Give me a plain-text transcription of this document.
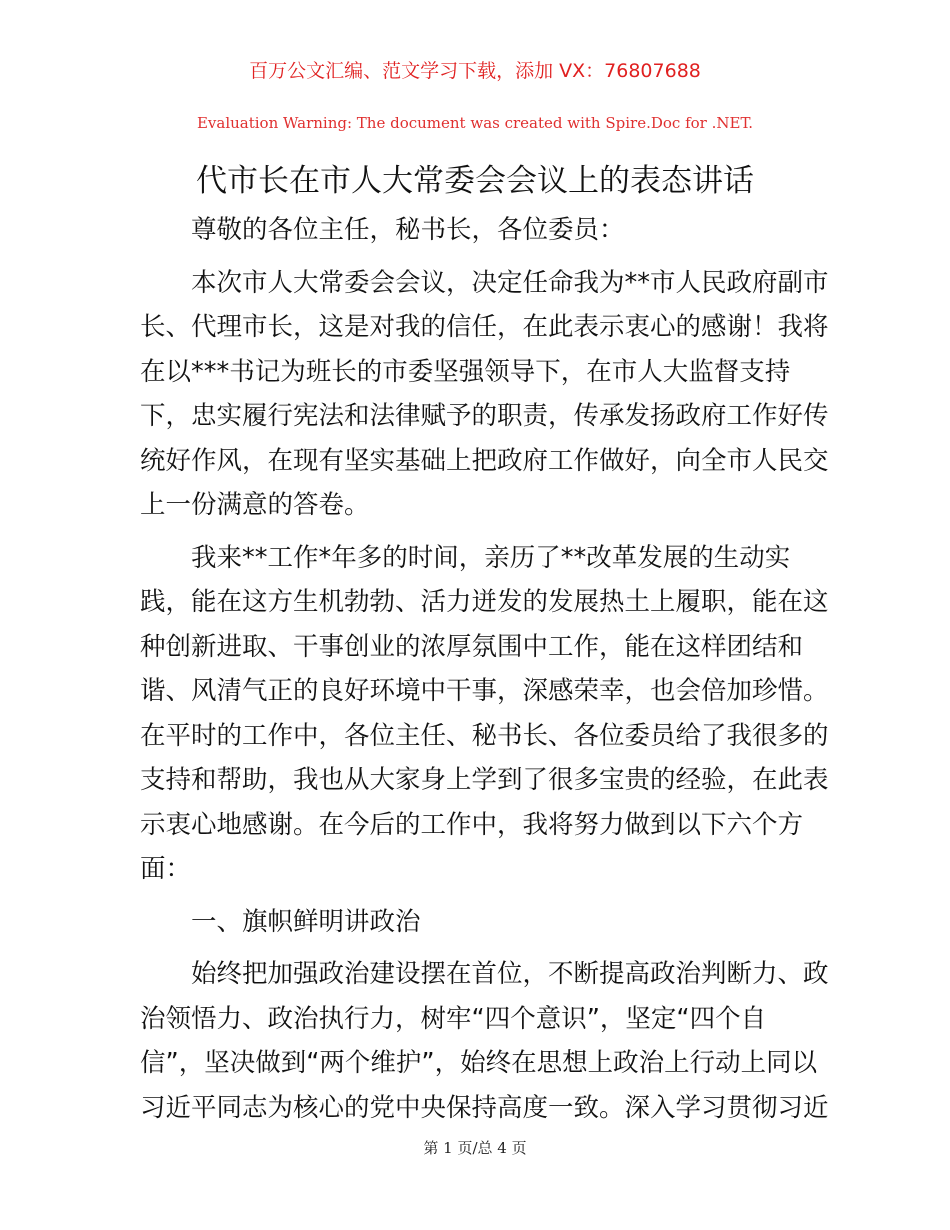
百万公文汇编、范文学习下载，添加 VX：76807688
Evaluation Warning: The document was created with Spire.Doc for .NET.
代市长在市人大常委会会议上的表态讲话
尊敬的各位主任，秘书长，各位委员：
本次市人大常委会会议，决定任命我为**市人民政府副市
长、代理市长，这是对我的信任，在此表示衷心的感谢！我将
在以***书记为班长的市委坚强领导下，在市人大监督支持
下，忠实履行宪法和法律赋予的职责，传承发扬政府工作好传
统好作风，在现有坚实基础上把政府工作做好，向全市人民交
上一份满意的答卷。
我来**工作*年多的时间，亲历了**改革发展的生动实
践，能在这方生机勃勃、活力迸发的发展热土上履职，能在这
种创新进取、干事创业的浓厚氛围中工作，能在这样团结和
谐、风清气正的良好环境中干事，深感荣幸，也会倍加珍惜。
在平时的工作中，各位主任、秘书长、各位委员给了我很多的
支持和帮助，我也从大家身上学到了很多宝贵的经验，在此表
示衷心地感谢。在今后的工作中，我将努力做到以下六个方
面：
一、旗帜鲜明讲政治
始终把加强政治建设摆在首位，不断提高政治判断力、政
治领悟力、政治执行力，树牢“四个意识”，坚定“四个自
信”，坚决做到“两个维护”，始终在思想上政治上行动上同以
习近平同志为核心的党中央保持高度一致。深入学习贯彻习近
第 1 页/总 4 页
